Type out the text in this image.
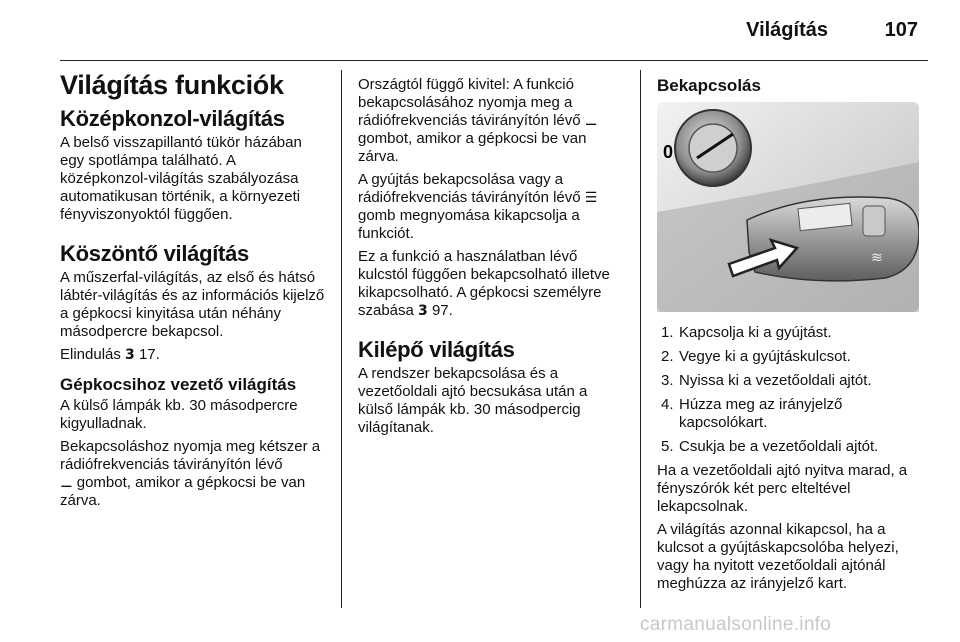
Világítás	107
Világítás funkciók
Középkonzol-világítás

A belső visszapillantó tükör házában egy spotlámpa található. A középkonzol-világítás szabályozása automatikusan történik, a környezeti fényviszonyoktól függően.

Köszöntő világítás

A műszerfal-világítás, az első és hátsó lábtér-világítás és az információs kijelző a gépkocsi kinyitása után néhány másodpercre bekapcsol.

Elindulás 3 17.

Gépkocsihoz vezető világítás

A külső lámpák kb. 30 másodpercre kigyulladnak.

Bekapcsoláshoz nyomja meg kétszer a rádiófrekvenciás távirányítón lévő
⚊ gombot, amikor a gépkocsi be van zárva.

Országtól függő kivitel: A funkció bekapcsolásához nyomja meg a rádiófrekvenciás távirányítón lévő ⚊ gombot, amikor a gépkocsi be van zárva.

A gyújtás bekapcsolása vagy a rádiófrekvenciás távirányítón lévő ☰ gomb megnyomása kikapcsolja a funkciót.

Ez a funkció a használatban lévő kulcstól függően bekapcsolható illetve kikapcsolható. A gépkocsi személyre szabása 3 97.

Kilépő világítás

A rendszer bekapcsolása és a vezetőoldali ajtó becsukása után a külső lámpák kb. 30 másodpercig világítanak.

Bekapcsolás
0
≋
1. Kapcsolja ki a gyújtást.
2. Vegye ki a gyújtáskulcsot.
3. Nyissa ki a vezetőoldali ajtót.
4. Húzza meg az irányjelző kapcsolókart.
5. Csukja be a vezetőoldali ajtót.

Ha a vezetőoldali ajtó nyitva marad, a fényszórók két perc elteltével lekapcsolnak.

A világítás azonnal kikapcsol, ha a kulcsot a gyújtáskapcsolóba helyezi, vagy ha nyitott vezetőoldali ajtónál meghúzza az irányjelző kart.

carmanualsonline.info
